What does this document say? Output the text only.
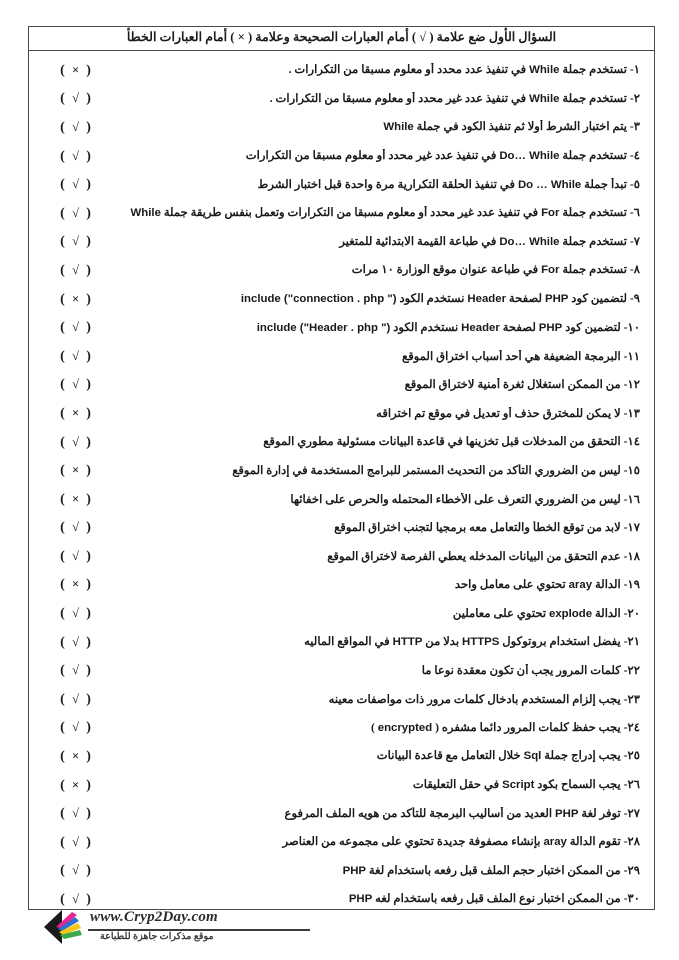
السؤال الأول ضع علامة ( √ ) أمام العبارات الصحيحة وعلامة ( × ) أمام العبارات الخطأ
١- تستخدم جملة While في تنفيذ عدد محدد أو معلوم مسبقا من التكرارات .
( × )
٢- تستخدم جملة While في تنفيذ عدد غير محدد أو معلوم مسبقا من التكرارات .
( √ )
٣- يتم اختبار الشرط أولا ثم تنفيذ الكود في جملة While
( √ )
٤- تستخدم جملة Do… While في تنفيذ عدد غير محدد أو معلوم مسبقا من التكرارات
( √ )
٥- تبدأ جملة Do … While في تنفيذ الحلقة التكرارية مرة واحدة قبل اختبار الشرط
( √ )
٦- تستخدم جملة For في تنفيذ عدد غير محدد أو معلوم مسبقا من التكرارات وتعمل بنفس طريقة جملة While
( √ )
٧- تستخدم جملة Do… While في طباعة القيمة الابتدائية للمتغير
( √ )
٨- تستخدم جملة For في طباعة عنوان موقع الوزارة ١٠ مرات
( √ )
٩- لتضمين كود PHP لصفحة Header نستخدم الكود include ("connection . php ")
( × )
١٠- لتضمين كود PHP لصفحة Header نستخدم الكود include ("Header . php ")
( √ )
١١- البرمجة الضعيفة هي أحد أسباب اختراق الموقع
( √ )
١٢- من الممكن استغلال ثغرة أمنية لاختراق الموقع
( √ )
١٣- لا يمكن للمخترق حذف أو تعديل في موقع تم اختراقه
( × )
١٤- التحقق من المدخلات قبل تخزينها في قاعدة البيانات مسئولية مطوري الموقع
( √ )
١٥- ليس من الضروري التأكد من التحديث المستمر للبرامج المستخدمة في إدارة الموقع
( × )
١٦- ليس من الضروري التعرف على الأخطاء المحتمله والحرص على اخفائها
( × )
١٧- لابد من توقع الخطأ والتعامل معه برمجيا لتجنب اختراق الموقع
( √ )
١٨- عدم التحقق من البيانات المدخله يعطي الفرصة لاختراق الموقع
( √ )
١٩- الدالة aray تحتوي على معامل واحد
( × )
٢٠- الدالة explode تحتوي على معاملين
( √ )
٢١- يفضل استخدام بروتوكول HTTPS بدلا من HTTP في المواقع الماليه
( √ )
٢٢- كلمات المرور يجب أن تكون معقدة نوعا ما
( √ )
٢٣- يجب إلزام المستخدم بادخال كلمات مرور ذات مواصفات معينه
( √ )
٢٤- يجب حفظ كلمات المرور دائما مشفره ( encrypted )
( √ )
٢٥- يجب إدراج جملة Sql خلال التعامل مع قاعدة البيانات
( × )
٢٦- يجب السماح بكود Script في حقل التعليقات
( × )
٢٧- توفر لغة PHP العديد من أساليب البرمجة للتأكد من هويه الملف المرفوع
( √ )
٢٨- تقوم الدالة aray بإنشاء مصفوفة جديدة تحتوي على مجموعه من العناصر
( √ )
٢٩- من الممكن اختبار حجم الملف قبل رفعه باستخدام لغة PHP
( √ )
٣٠- من الممكن اختبار نوع الملف قبل رفعه باستخدام لغه PHP
( √ )
www.Cryp2Day.com
موقع مذكرات جاهزة للطباعة
